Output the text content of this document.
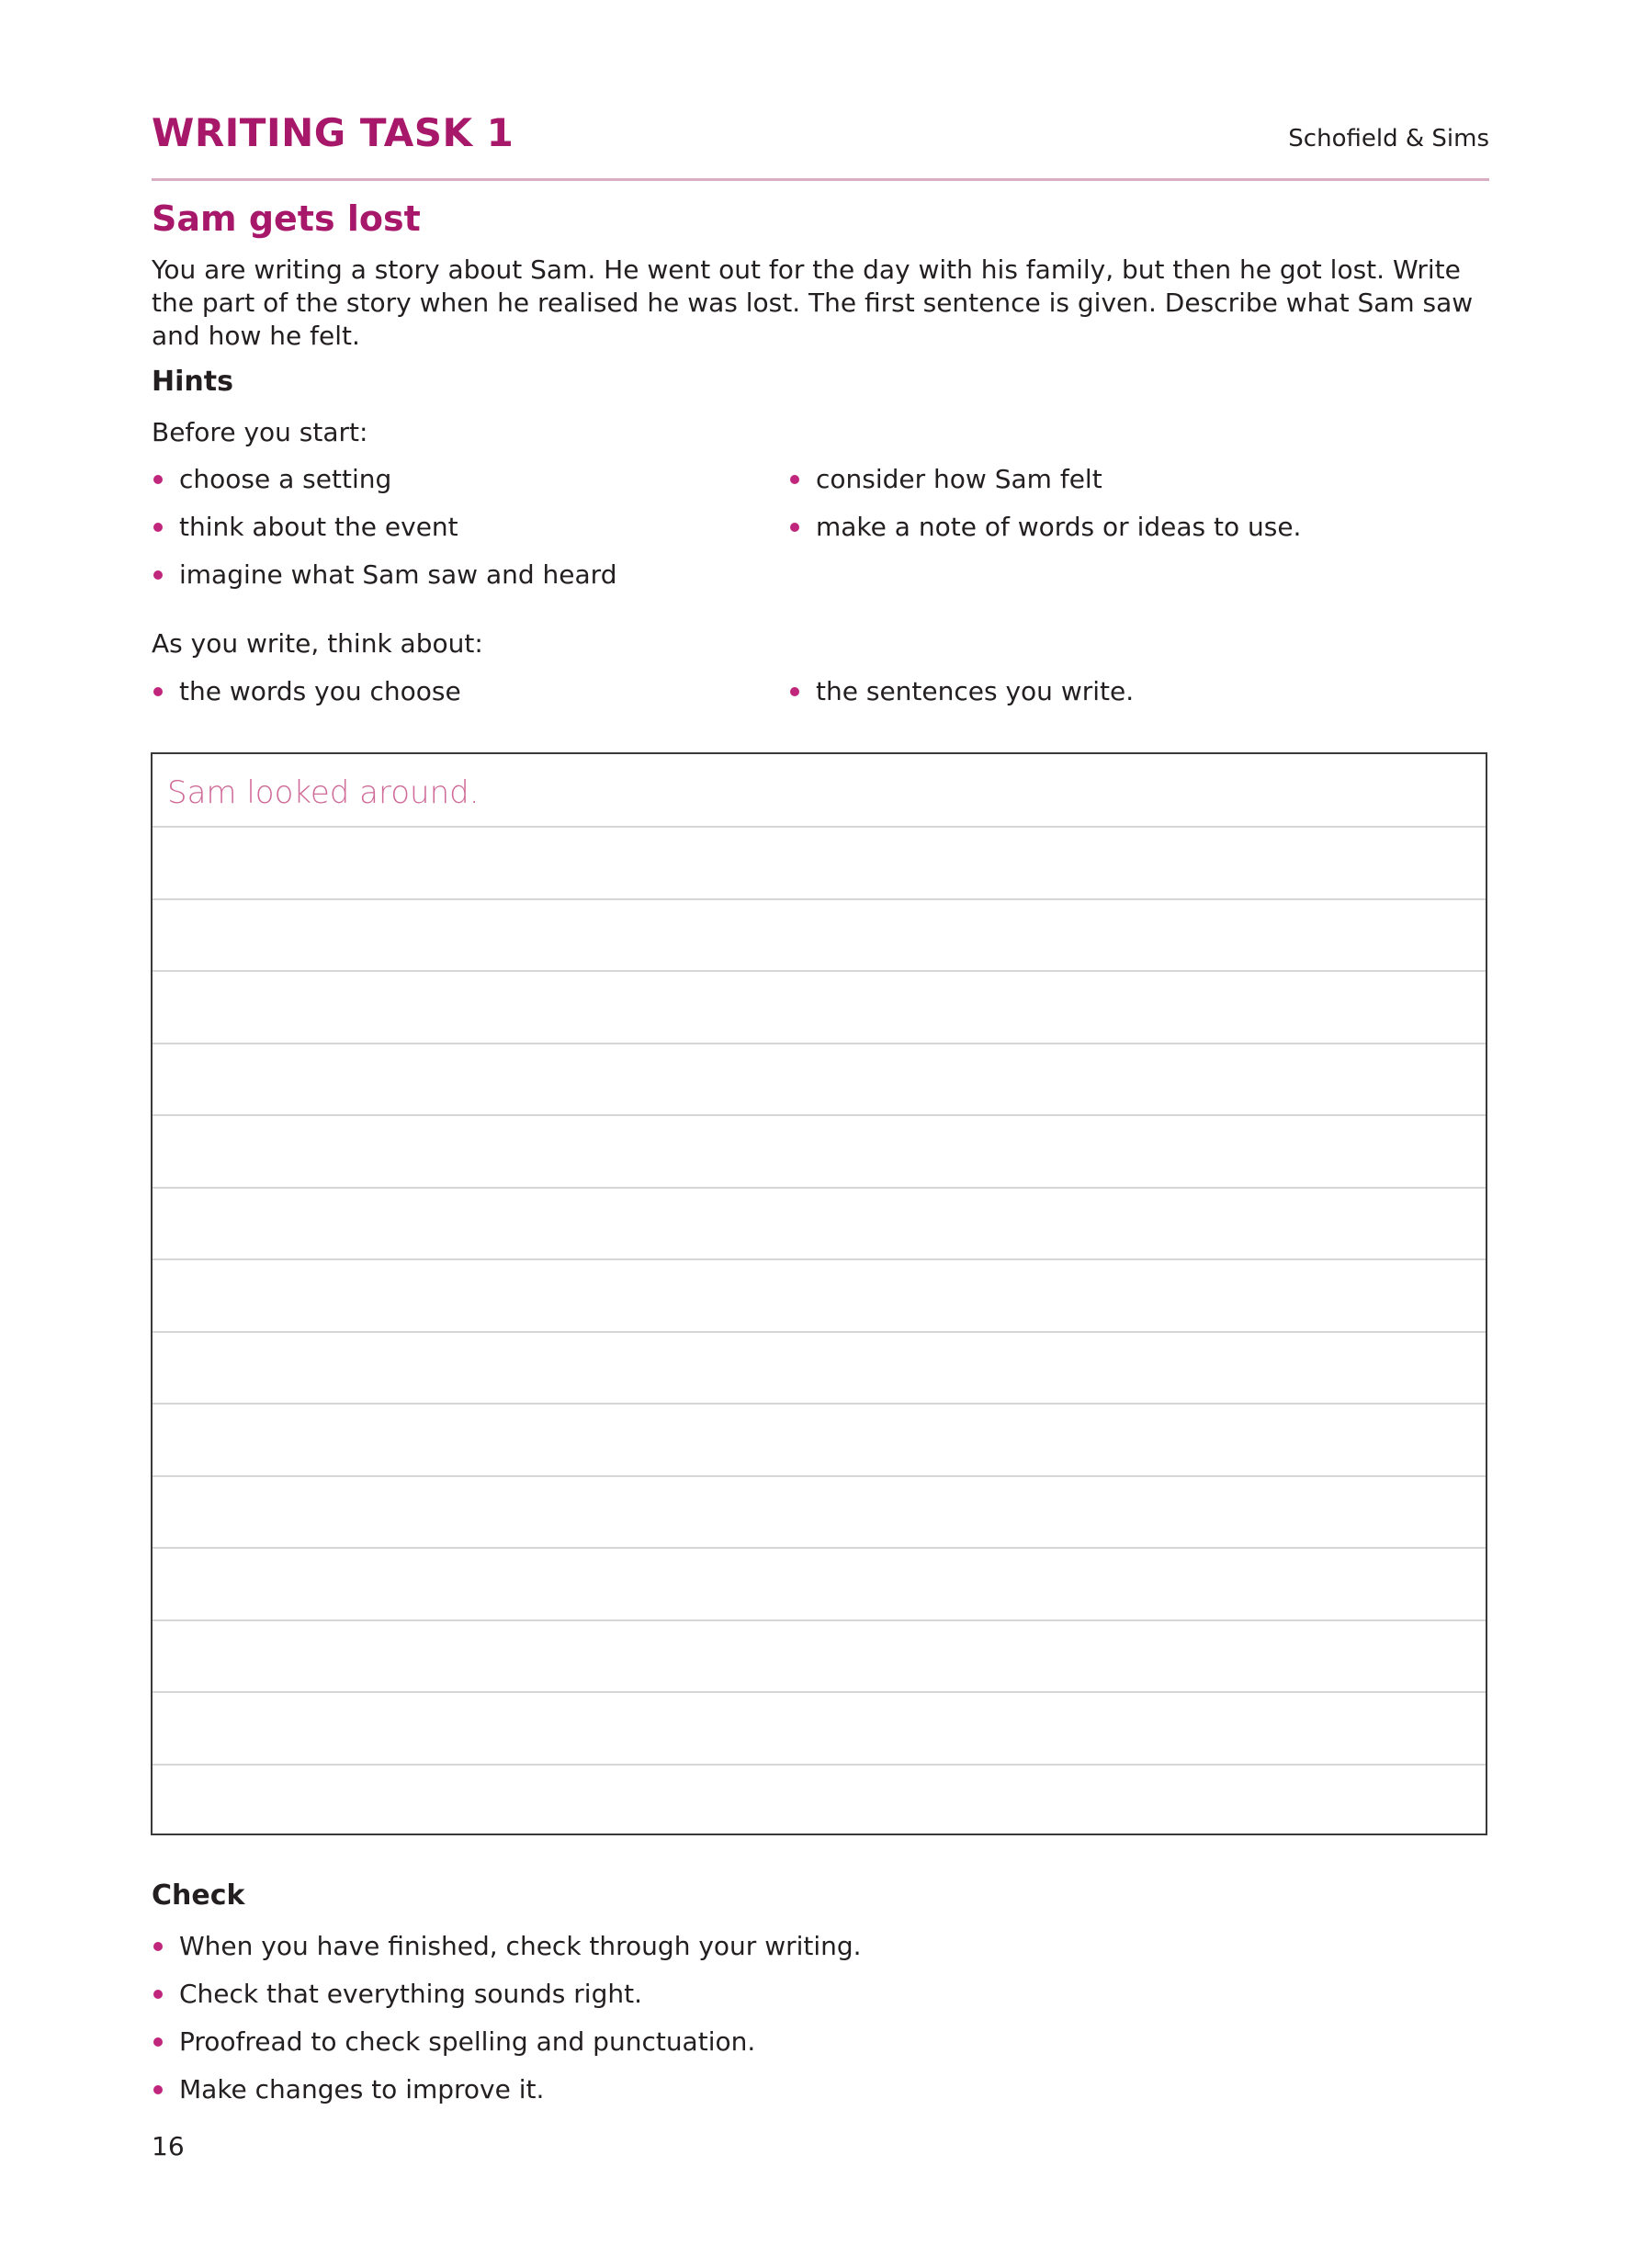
WRITING TASK 1	Schofield & Sims
Sam gets lost

You are writing a story about Sam. He went out for the day with his family, but then he got lost. Write the part of the story when he realised he was lost. The first sentence is given. Describe what Sam saw and how he felt.

Hints

Before you start:

choose a setting
think about the event
imagine what Sam saw and heard
consider how Sam felt
make a note of words or ideas to use.

As you write, think about:

the words you choose	the sentences you write.
Sam looked around.
Check
When you have finished, check through your writing.
Check that everything sounds right.
Proofread to check spelling and punctuation.
Make changes to improve it.
16
